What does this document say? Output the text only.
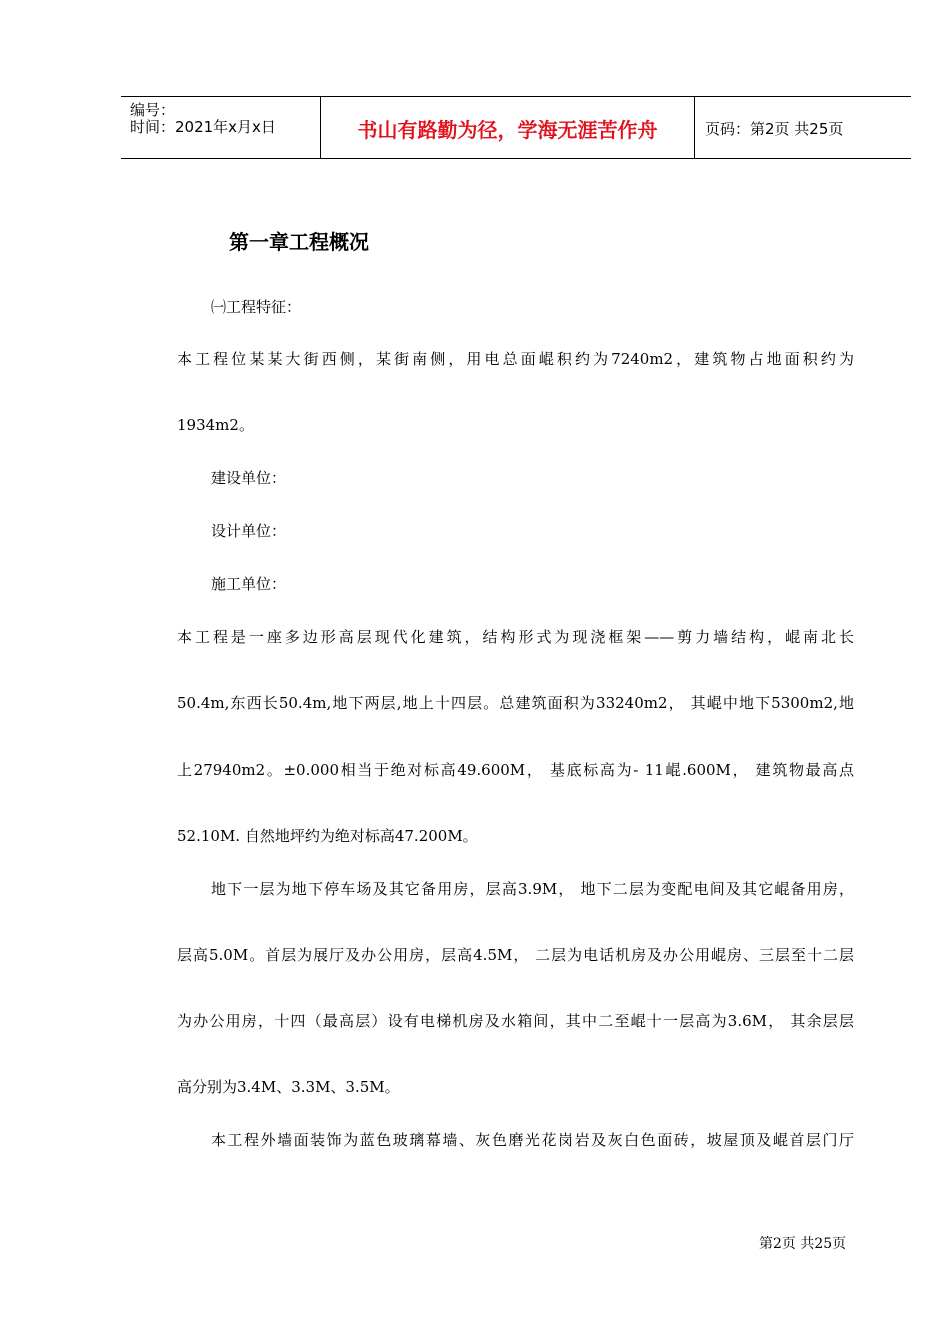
编号：
时间：2021年x月x日	书山有路勤为径，学海无涯苦作舟	页码：第2页 共25页
第一章工程概况
㈠工程特征：
本工程位某某大街西侧，某街南侧，用电总面崐积约为7240m2，建筑物占地面积约为
1934m2。
建设单位：
设计单位：
施工单位：
本工程是一座多边形高层现代化建筑，结构形式为现浇框架——剪力墙结构，崐南北长
50.4m,东西长50.4m,地下两层,地上十四层。总建筑面积为33240m2， 其崐中地下5300m2,地
上27940m2。±0.000相当于绝对标高49.600M， 基底标高为- 11崐.600M， 建筑物最高点
52.10M. 自然地坪约为绝对标高47.200M。
地下一层为地下停车场及其它备用房，层高3.9M， 地下二层为变配电间及其它崐备用房，
层高5.0M。首层为展厅及办公用房，层高4.5M， 二层为电话机房及办公用崐房、三层至十二层
为办公用房，十四（最高层）设有电梯机房及水箱间，其中二至崐十一层高为3.6M， 其余层层
高分别为3.4M、3.3M、3.5M。
本工程外墙面装饰为蓝色玻璃幕墙、灰色磨光花岗岩及灰白色面砖，坡屋顶及崐首层门厅
第2页 共25页
